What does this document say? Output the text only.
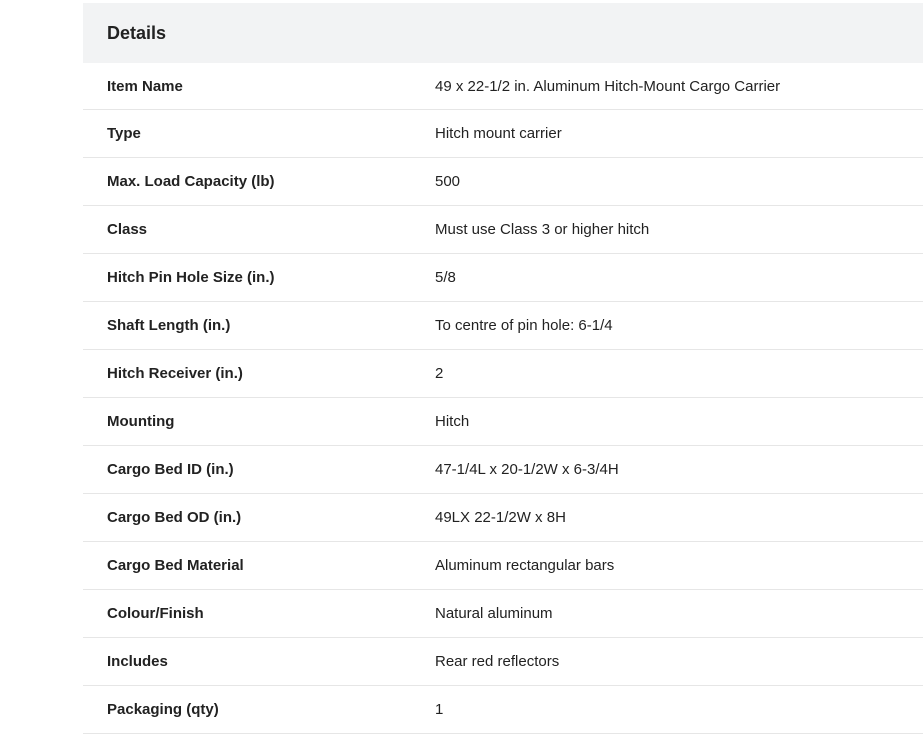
Details
Item Name	49 x 22-1/2 in. Aluminum Hitch-Mount Cargo Carrier
Type	Hitch mount carrier
Max. Load Capacity (lb)	500
Class	Must use Class 3 or higher hitch
Hitch Pin Hole Size (in.)	5/8
Shaft Length (in.)	To centre of pin hole: 6-1/4
Hitch Receiver (in.)	2
Mounting	Hitch
Cargo Bed ID (in.)	47-1/4L x 20-1/2W x 6-3/4H
Cargo Bed OD (in.)	49LX 22-1/2W x 8H
Cargo Bed Material	Aluminum rectangular bars
Colour/Finish	Natural aluminum
Includes	Rear red reflectors
Packaging (qty)	1
